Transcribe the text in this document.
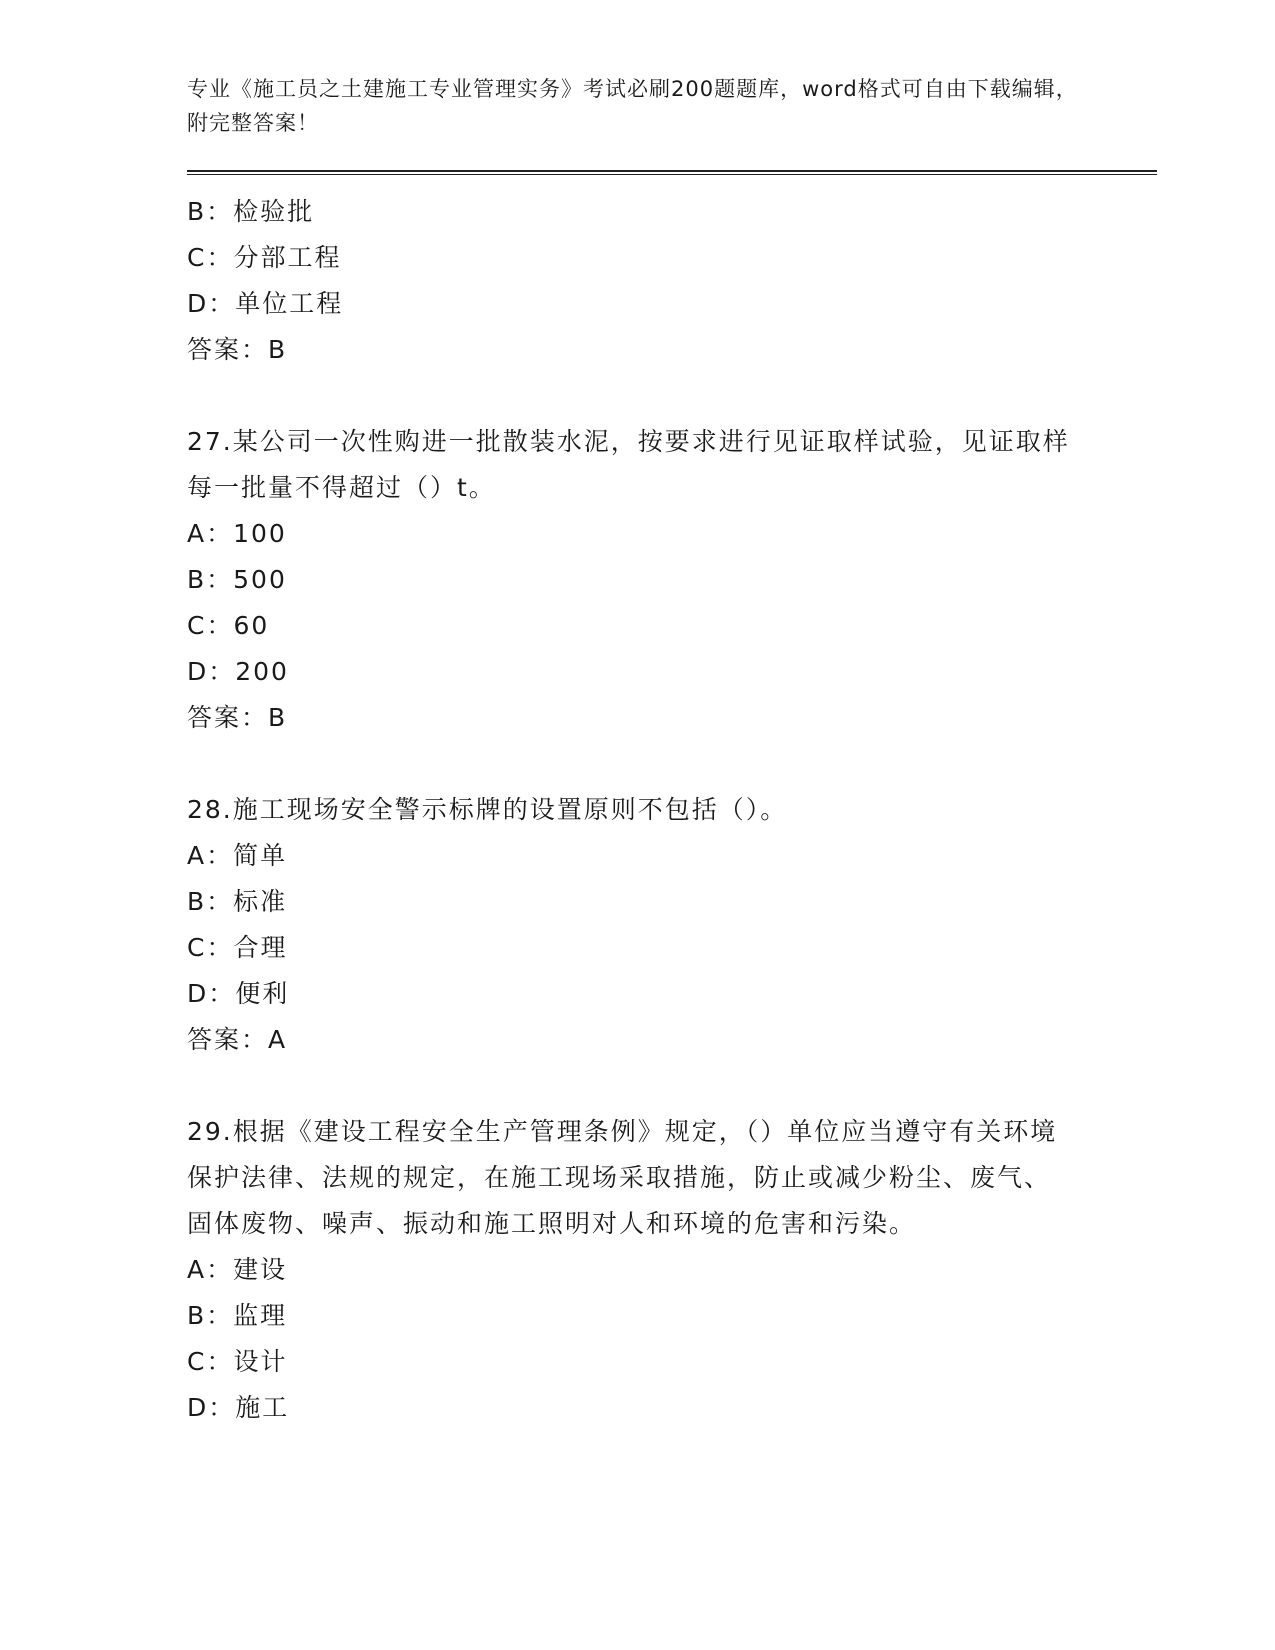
专业《施工员之土建施工专业管理实务》考试必刷200题题库，word格式可自由下载编辑，附完整答案！
B：检验批
C：分部工程
D：单位工程
答案：B
27.某公司一次性购进一批散装水泥，按要求进行见证取样试验，见证取样每一批量不得超过（）t。
A：100
B：500
C：60
D：200
答案：B
28.施工现场安全警示标牌的设置原则不包括（）。
A：简单
B：标准
C：合理
D：便利
答案：A
29.根据《建设工程安全生产管理条例》规定，（）单位应当遵守有关环境保护法律、法规的规定，在施工现场采取措施，防止或减少粉尘、废气、固体废物、噪声、振动和施工照明对人和环境的危害和污染。
A：建设
B：监理
C：设计
D：施工
